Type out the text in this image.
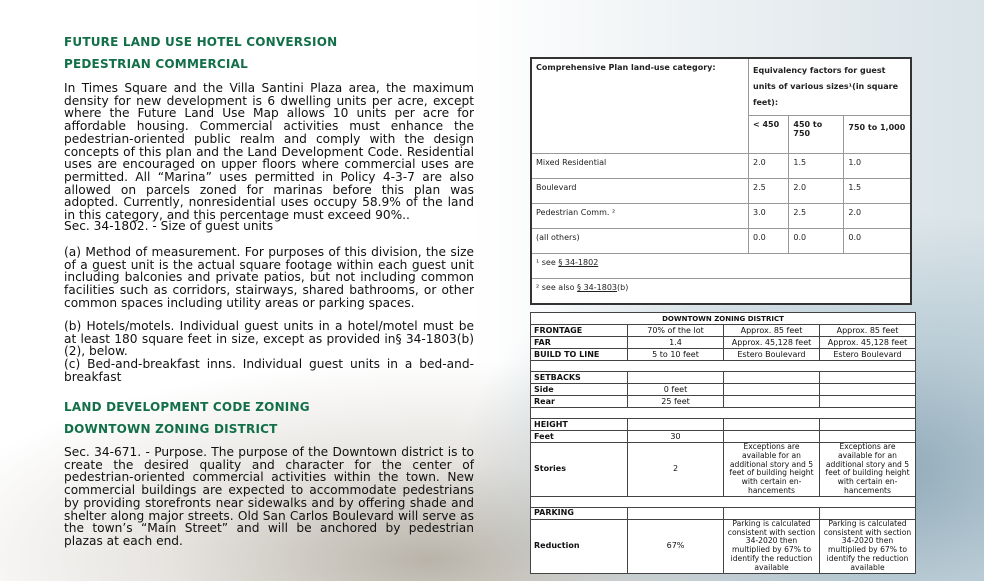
FUTURE LAND USE HOTEL CONVERSION
PEDESTRIAN COMMERCIAL
In Times Square and the Villa Santini Plaza area, the maximum density for new development is 6 dwelling units per acre, except where the Future Land Use Map allows 10 units per acre for affordable housing. Commercial activities must enhance the pedestrian-oriented public realm and comply with the design concepts of this plan and the Land Development Code. Residential uses are encouraged on upper floors where commercial uses are permitted. All “Marina” uses permitted in Policy 4-3-7 are also allowed on parcels zoned for marinas before this plan was adopted. Currently, nonresidential uses occupy 58.9% of the land in this category, and this percentage must exceed 90%..
Sec. 34-1802. - Size of guest units
(a) Method of measurement. For purposes of this division, the size of a guest unit is the actual square footage within each guest unit including balconies and private patios, but not including common facilities such as corridors, stairways, shared bathrooms, or other common spaces including utility areas or parking spaces.
(b) Hotels/motels. Individual guest units in a hotel/motel must be at least 180 square feet in size, except as provided in§ 34-1803(b)(2), below.
(c) Bed-and-breakfast inns. Individual guest units in a bed-and-breakfast
LAND DEVELOPMENT CODE ZONING
DOWNTOWN ZONING DISTRICT
Sec. 34-671. - Purpose. The purpose of the Downtown district is to create the desired quality and character for the center of pedestrian-oriented commercial activities within the town. New commercial buildings are expected to accommodate pedestrians by providing storefronts near sidewalks and by offering shade and shelter along major streets. Old San Carlos Boulevard will serve as the town’s “Main Street” and will be anchored by pedestrian plazas at each end.
Comprehensive Plan land-use category:	Equivalency factors for guest units of various sizes¹(in square feet):		
	< 450	450 to 750	750 to 1,000
Mixed Residential	2.0	1.5	1.0
Boulevard	2.5	2.0	1.5
Pedestrian Comm. ²	3.0	2.5	2.0
(all others)	0.0	0.0	0.0
¹ see § 34-1802			
² see also § 34-1803(b)			
DOWNTOWN ZONING DISTRICT			
FRONTAGE	70% of the lot	Approx. 85 feet	Approx. 85 feet
FAR	1.4	Approx. 45,128 feet	Approx. 45,128 feet
BUILD TO LINE	5 to 10 feet	Estero Boulevard	Estero Boulevard

SETBACKS			
Side	0 feet		
Rear	25 feet		

HEIGHT			
Feet	30		
Stories	2	Exceptions are available for an additional story and 5 feet of building height with certain en-hancements	Exceptions are available for an additional story and 5 feet of building height with certain en-hancements

PARKING			
Reduction	67%	Parking is calculated consistent with section 34-2020 then multiplied by 67% to identify the reduction available	Parking is calculated consistent with section 34-2020 then multiplied by 67% to identify the reduction available
